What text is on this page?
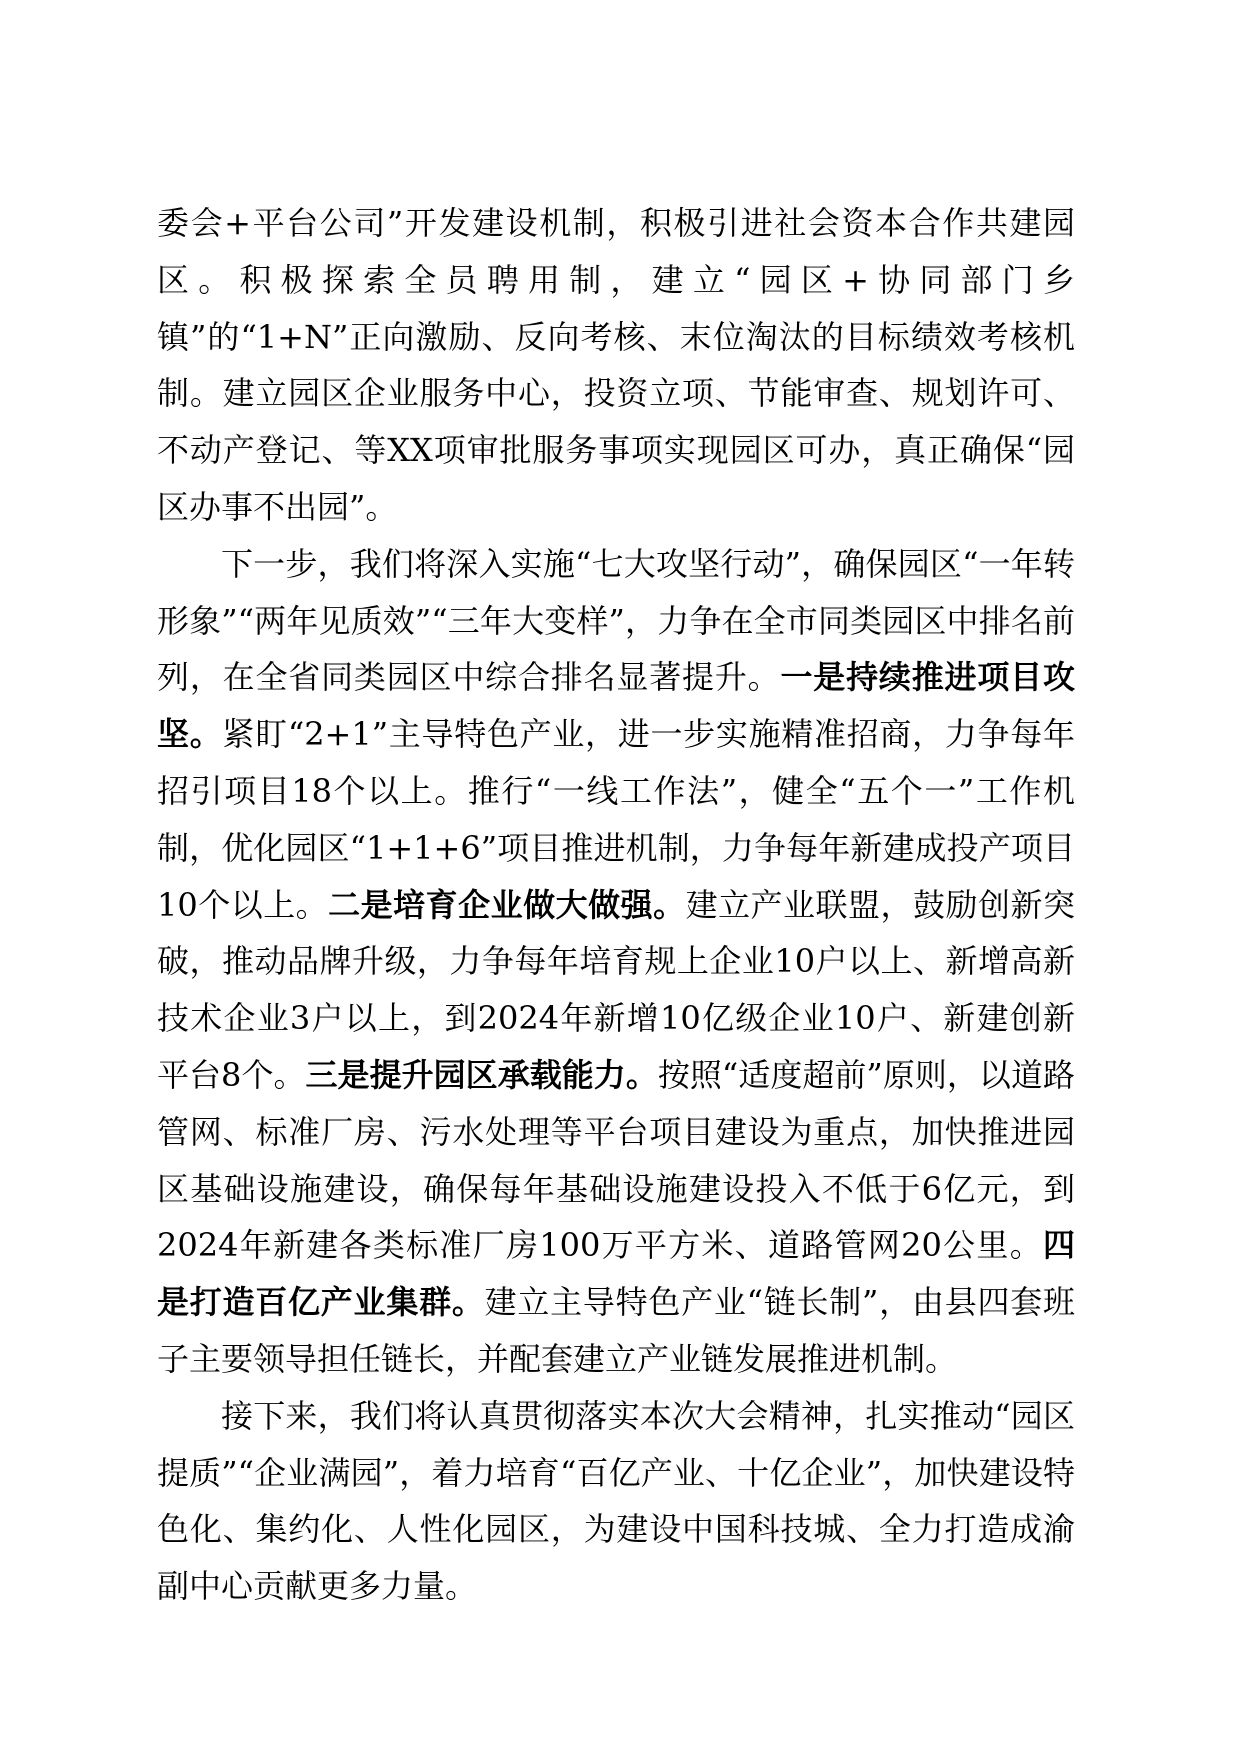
委会+平台公司”开发建设机制，积极引进社会资本合作共建园区。积极探索全员聘用制，建立“园区+协同部门乡镇”的“1+N”正向激励、反向考核、末位淘汰的目标绩效考核机制。建立园区企业服务中心，投资立项、节能审查、规划许可、不动产登记、等XX项审批服务事项实现园区可办，真正确保“园区办事不出园”。

下一步，我们将深入实施“七大攻坚行动”，确保园区“一年转形象”“两年见质效”“三年大变样”，力争在全市同类园区中排名前列，在全省同类园区中综合排名显著提升。一是持续推进项目攻坚。紧盯“2+1”主导特色产业，进一步实施精准招商，力争每年招引项目18个以上。推行“一线工作法”，健全“五个一”工作机制，优化园区“1+1+6”项目推进机制，力争每年新建成投产项目10个以上。二是培育企业做大做强。建立产业联盟，鼓励创新突破，推动品牌升级，力争每年培育规上企业10户以上、新增高新技术企业3户以上，到2024年新增10亿级企业10户、新建创新平台8个。三是提升园区承载能力。按照“适度超前”原则，以道路管网、标准厂房、污水处理等平台项目建设为重点，加快推进园区基础设施建设，确保每年基础设施建设投入不低于6亿元，到2024年新建各类标准厂房100万平方米、道路管网20公里。四是打造百亿产业集群。建立主导特色产业“链长制”，由县四套班子主要领导担任链长，并配套建立产业链发展推进机制。

接下来，我们将认真贯彻落实本次大会精神，扎实推动“园区提质”“企业满园”，着力培育“百亿产业、十亿企业”，加快建设特色化、集约化、人性化园区，为建设中国科技城、全力打造成渝副中心贡献更多力量。
